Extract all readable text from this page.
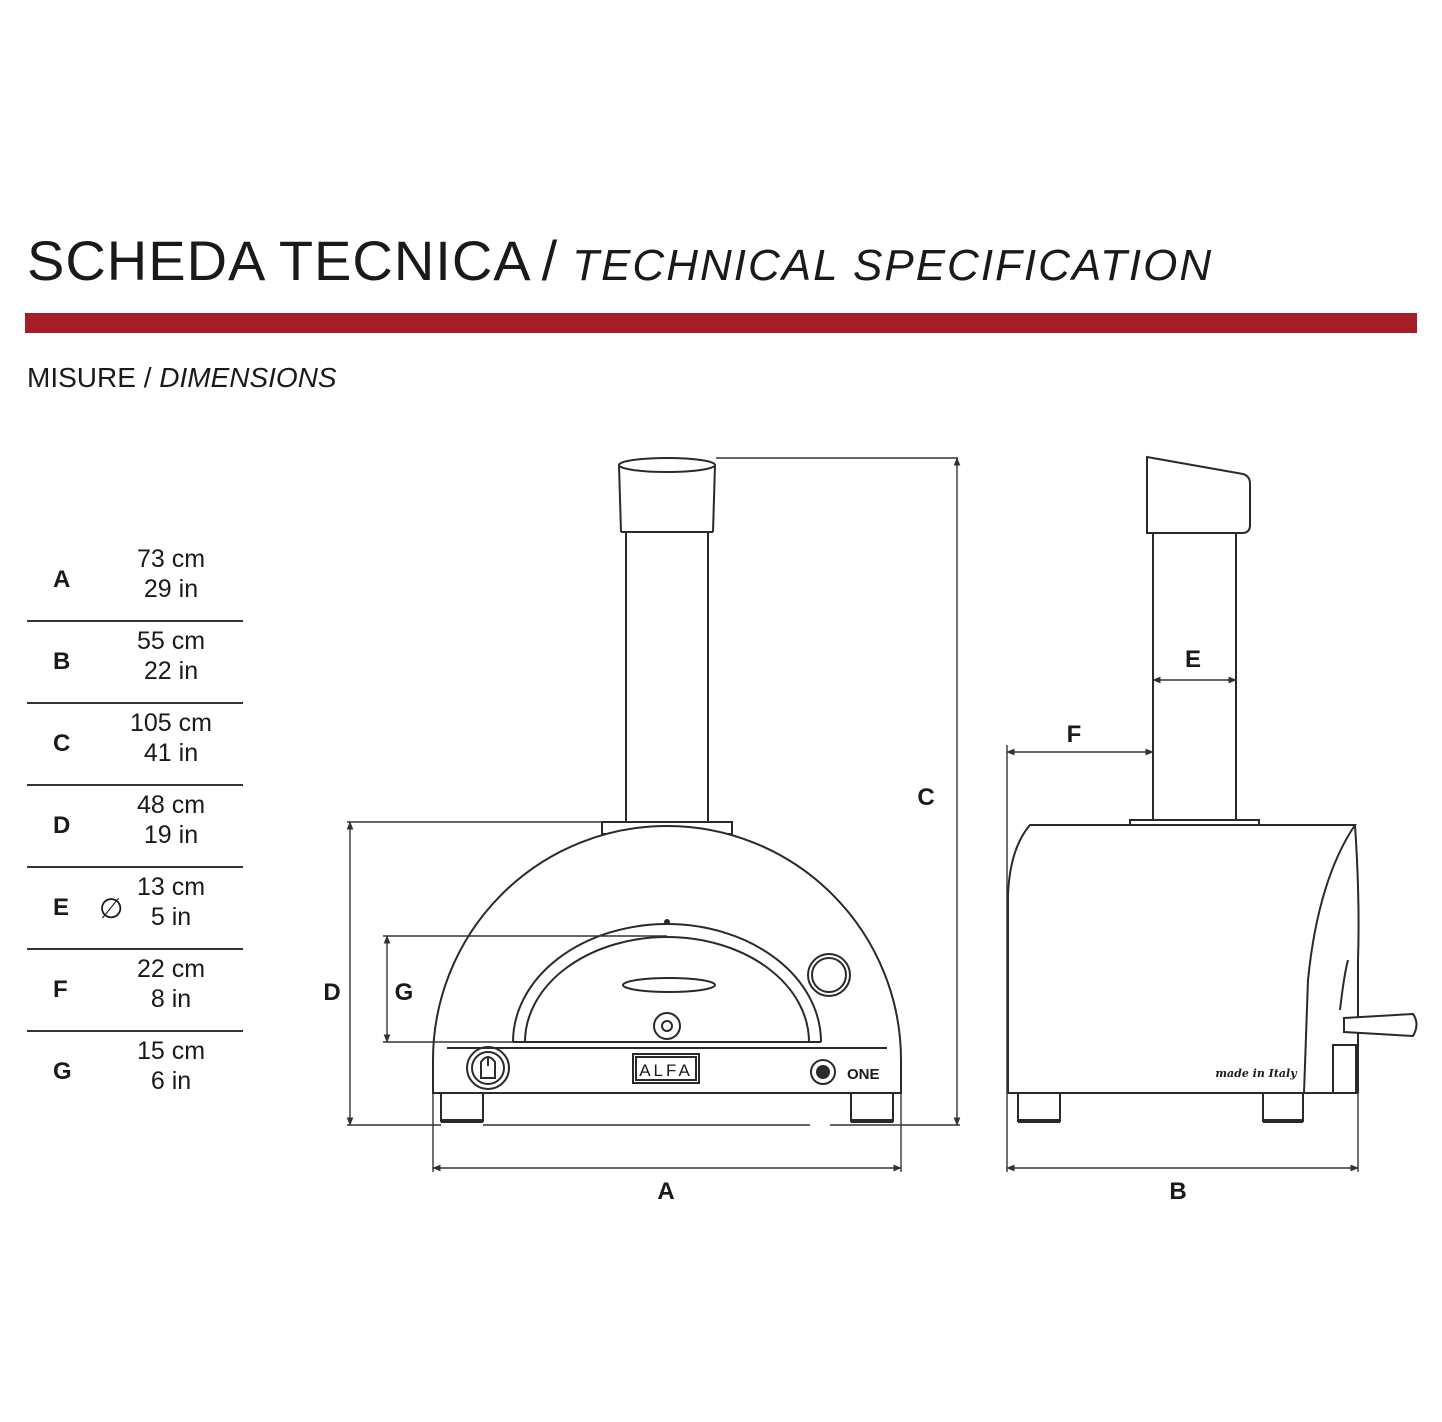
SCHEDA TECNICA / TECHNICAL SPECIFICATION
MISURE / DIMENSIONS
A
73 cm
29 in
B
55 cm
22 in
C
105 cm
41 in
D
48 cm
19 in
E ∅
13 cm
5 in
F
22 cm
8 in
G
15 cm
6 in	ALFA	ONE
C
D G
A
made in Italy
E
F
B
